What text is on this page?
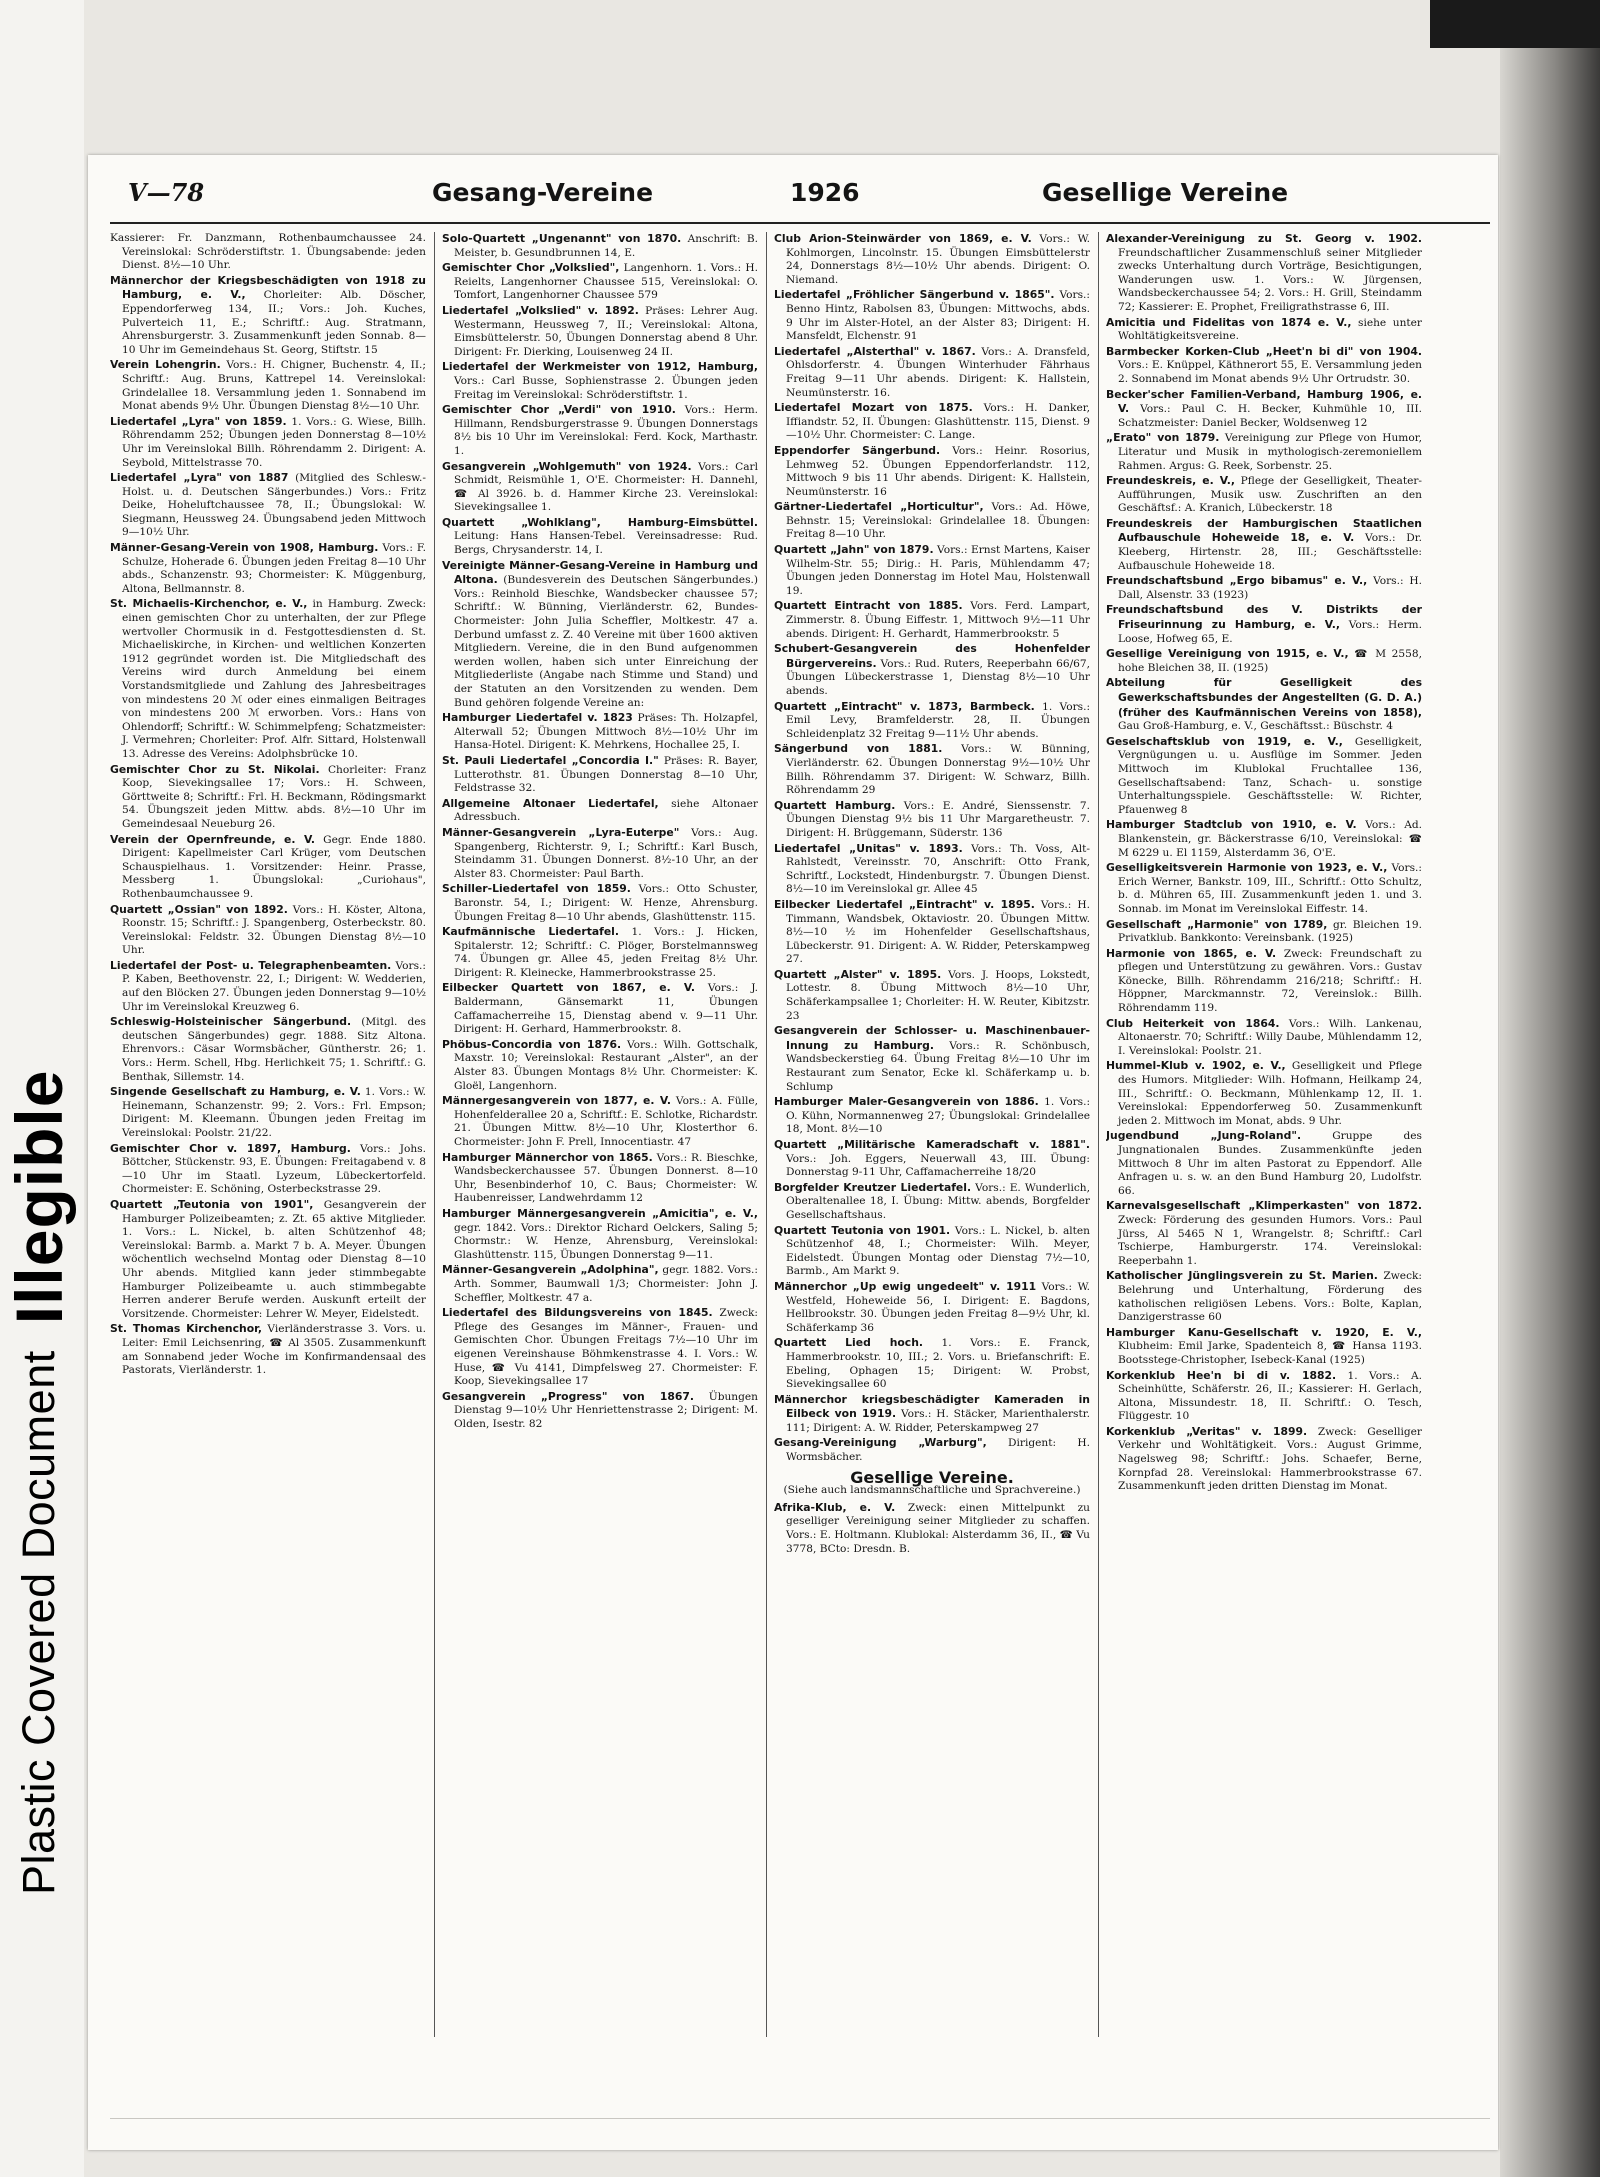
Plastic Covered Document
Illegible
V—78	Gesang-Vereine	1926	Gesellige Vereine

Kassierer: Fr. Danzmann, Rothenbaumchaussee 24. Vereinslokal: Schröderstiftstr. 1. Übungsabende: jeden Dienst. 8½—10 Uhr.

Männerchor der Kriegsbeschädigten von 1918 zu Hamburg, e. V., Chorleiter: Alb. Döscher, Eppendorferweg 134, II.; Vors.: Joh. Kuches, Pulverteich 11, E.; Schriftf.: Aug. Stratmann, Ahrensburgerstr. 3. Zusammenkunft jeden Sonnab. 8—10 Uhr im Gemeindehaus St. Georg, Stiftstr. 15

Verein Lohengrin. Vors.: H. Chigner, Buchenstr. 4, II.; Schriftf.: Aug. Bruns, Kattrepel 14. Vereinslokal: Grindelallee 18. Versammlung jeden 1. Sonnabend im Monat abends 9½ Uhr. Übungen Dienstag 8½—10 Uhr.

Liedertafel „Lyra" von 1859. 1. Vors.: G. Wiese, Billh. Röhrendamm 252; Übungen jeden Donnerstag 8—10½ Uhr im Vereinslokal Billh. Röhrendamm 2. Dirigent: A. Seybold, Mittelstrasse 70.

Liedertafel „Lyra" von 1887 (Mitglied des Schlesw.-Holst. u. d. Deutschen Sängerbundes.) Vors.: Fritz Deike, Hoheluftchaussee 78, II.; Übungslokal: W. Siegmann, Heussweg 24. Übungsabend jeden Mittwoch 9—10½ Uhr.

Männer-Gesang-Verein von 1908, Hamburg. Vors.: F. Schulze, Hoherade 6. Übungen jeden Freitag 8—10 Uhr abds., Schanzenstr. 93; Chormeister: K. Müggenburg, Altona, Bellmannstr. 8.

St. Michaelis-Kirchenchor, e. V., in Hamburg. Zweck: einen gemischten Chor zu unterhalten, der zur Pflege wertvoller Chormusik in d. Festgottesdiensten d. St. Michaeliskirche, in Kirchen- und weltlichen Konzerten 1912 gegründet worden ist. Die Mitgliedschaft des Vereins wird durch Anmeldung bei einem Vorstandsmitgliede und Zahlung des Jahresbeitrages von mindestens 20 ℳ oder eines einmaligen Beitrages von mindestens 200 ℳ erworben. Vors.: Hans von Ohlendorff; Schriftf.: W. Schimmelpfeng; Schatzmeister: J. Vermehren; Chorleiter: Prof. Alfr. Sittard, Holstenwall 13. Adresse des Vereins: Adolphsbrücke 10.

Gemischter Chor zu St. Nikolai. Chorleiter: Franz Koop, Sievekingsallee 17; Vors.: H. Schween, Görttweite 8; Schriftf.: Frl. H. Beckmann, Rödingsmarkt 54. Übungszeit jeden Mittw. abds. 8½—10 Uhr im Gemeindesaal Neueburg 26.

Verein der Opernfreunde, e. V. Gegr. Ende 1880. Dirigent: Kapellmeister Carl Krüger, vom Deutschen Schauspielhaus. 1. Vorsitzender: Heinr. Prasse, Messberg 1. Übungslokal: „Curiohaus", Rothenbaumchaussee 9.

Quartett „Ossian" von 1892. Vors.: H. Köster, Altona, Roonstr. 15; Schriftf.: J. Spangenberg, Osterbeckstr. 80. Vereinslokal: Feldstr. 32. Übungen Dienstag 8½—10 Uhr.

Liedertafel der Post- u. Telegraphenbeamten. Vors.: P. Kaben, Beethovenstr. 22, I.; Dirigent: W. Wedderien, auf den Blöcken 27. Übungen jeden Donnerstag 9—10½ Uhr im Vereinslokal Kreuzweg 6.

Schleswig-Holsteinischer Sängerbund. (Mitgl. des deutschen Sängerbundes) gegr. 1888. Sitz Altona. Ehrenvors.: Cäsar Wormsbächer, Güntherstr. 26; 1. Vors.: Herm. Schell, Hbg. Herlichkeit 75; 1. Schriftf.: G. Benthak, Sillemstr. 14.

Singende Gesellschaft zu Hamburg, e. V. 1. Vors.: W. Heinemann, Schanzenstr. 99; 2. Vors.: Frl. Empson; Dirigent: M. Kleemann. Übungen jeden Freitag im Vereinslokal: Poolstr. 21/22.

Gemischter Chor v. 1897, Hamburg. Vors.: Johs. Böttcher, Stückenstr. 93, E. Übungen: Freitagabend v. 8—10 Uhr im Staatl. Lyzeum, Lübeckertorfeld. Chormeister: E. Schöning, Osterbeckstrasse 29.

Quartett „Teutonia von 1901", Gesangverein der Hamburger Polizeibeamten; z. Zt. 65 aktive Mitglieder. 1. Vors.: L. Nickel, b. alten Schützenhof 48; Vereinslokal: Barmb. a. Markt 7 b. A. Meyer. Übungen wöchentlich wechselnd Montag oder Dienstag 8—10 Uhr abends. Mitglied kann jeder stimmbegabte Hamburger Polizeibeamte u. auch stimmbegabte Herren anderer Berufe werden. Auskunft erteilt der Vorsitzende. Chormeister: Lehrer W. Meyer, Eidelstedt.

St. Thomas Kirchenchor, Vierländerstrasse 3. Vors. u. Leiter: Emil Leichsenring, ☎ Al 3505. Zusammenkunft am Sonnabend jeder Woche im Konfirmandensaal des Pastorats, Vierländerstr. 1.

Solo-Quartett „Ungenannt" von 1870. Anschrift: B. Meister, b. Gesundbrunnen 14, E.

Gemischter Chor „Volkslied", Langenhorn. 1. Vors.: H. Reielts, Langenhorner Chaussee 515, Vereinslokal: O. Tomfort, Langenhorner Chaussee 579

Liedertafel „Volkslied" v. 1892. Präses: Lehrer Aug. Westermann, Heussweg 7, II.; Vereinslokal: Altona, Eimsbüttelerstr. 50, Übungen Donnerstag abend 8 Uhr. Dirigent: Fr. Dierking, Louisenweg 24 II.

Liedertafel der Werkmeister von 1912, Hamburg, Vors.: Carl Busse, Sophienstrasse 2. Übungen jeden Freitag im Vereinslokal: Schröderstiftstr. 1.

Gemischter Chor „Verdi" von 1910. Vors.: Herm. Hillmann, Rendsburgerstrasse 9. Übungen Donnerstags 8½ bis 10 Uhr im Vereinslokal: Ferd. Kock, Marthastr. 1.

Gesangverein „Wohlgemuth" von 1924. Vors.: Carl Schmidt, Reismühle 1, O'E. Chormeister: H. Dannehl, ☎ Al 3926. b. d. Hammer Kirche 23. Vereinslokal: Sievekingsallee 1.

Quartett „Wohlklang", Hamburg-Eimsbüttel. Leitung: Hans Hansen-Tebel. Vereinsadresse: Rud. Bergs, Chrysanderstr. 14, I.

Vereinigte Männer-Gesang-Vereine in Hamburg und Altona. (Bundesverein des Deutschen Sängerbundes.) Vors.: Reinhold Bieschke, Wandsbecker chaussee 57; Schriftf.: W. Bünning, Vierländerstr. 62, Bundes-Chormeister: John Julia Scheffler, Moltkestr. 47 a. Derbund umfasst z. Z. 40 Vereine mit über 1600 aktiven Mitgliedern. Vereine, die in den Bund aufgenommen werden wollen, haben sich unter Einreichung der Mitgliederliste (Angabe nach Stimme und Stand) und der Statuten an den Vorsitzenden zu wenden. Dem Bund gehören folgende Vereine an:

Hamburger Liedertafel v. 1823 Präses: Th. Holzapfel, Alterwall 52; Übungen Mittwoch 8½—10½ Uhr im Hansa-Hotel. Dirigent: K. Mehrkens, Hochallee 25, I.

St. Pauli Liedertafel „Concordia I." Präses: R. Bayer, Lutterothstr. 81. Übungen Donnerstag 8—10 Uhr, Feldstrasse 32.

Allgemeine Altonaer Liedertafel, siehe Altonaer Adressbuch.

Männer-Gesangverein „Lyra-Euterpe" Vors.: Aug. Spangenberg, Richterstr. 9, I.; Schriftf.: Karl Busch, Steindamm 31. Übungen Donnerst. 8½-10 Uhr, an der Alster 83. Chormeister: Paul Barth.

Schiller-Liedertafel von 1859. Vors.: Otto Schuster, Baronstr. 54, I.; Dirigent: W. Henze, Ahrensburg. Übungen Freitag 8—10 Uhr abends, Glashüttenstr. 115.

Kaufmännische Liedertafel. 1. Vors.: J. Hicken, Spitalerstr. 12; Schriftf.: C. Plöger, Borstelmannsweg 74. Übungen gr. Allee 45, jeden Freitag 8½ Uhr. Dirigent: R. Kleinecke, Hammerbrookstrasse 25.

Eilbecker Quartett von 1867, e. V. Vors.: J. Baldermann, Gänsemarkt 11, Übungen Caffamacherreihe 15, Dienstag abend v. 9—11 Uhr. Dirigent: H. Gerhard, Hammerbrookstr. 8.

Phöbus-Concordia von 1876. Vors.: Wilh. Gottschalk, Maxstr. 10; Vereinslokal: Restaurant „Alster", an der Alster 83. Übungen Montags 8½ Uhr. Chormeister: K. Gloël, Langenhorn.

Männergesangverein von 1877, e. V. Vors.: A. Fülle, Hohenfelderallee 20 a, Schriftf.: E. Schlotke, Richardstr. 21. Übungen Mittw. 8½—10 Uhr, Klosterthor 6. Chormeister: John F. Prell, Innocentiastr. 47

Hamburger Männerchor von 1865. Vors.: R. Bieschke, Wandsbeckerchaussee 57. Übungen Donnerst. 8—10 Uhr, Besenbinderhof 10, C. Baus; Chormeister: W. Haubenreisser, Landwehrdamm 12

Hamburger Männergesangverein „Amicitia", e. V., gegr. 1842. Vors.: Direktor Richard Oelckers, Saling 5; Chormstr.: W. Henze, Ahrensburg, Vereinslokal: Glashüttenstr. 115, Übungen Donnerstag 9—11.

Männer-Gesangverein „Adolphina", gegr. 1882. Vors.: Arth. Sommer, Baumwall 1/3; Chormeister: John J. Scheffler, Moltkestr. 47 a.

Liedertafel des Bildungsvereins von 1845. Zweck: Pflege des Gesanges im Männer-, Frauen- und Gemischten Chor. Übungen Freitags 7½—10 Uhr im eigenen Vereinshause Böhmkenstrasse 4. I. Vors.: W. Huse, ☎ Vu 4141, Dimpfelsweg 27. Chormeister: F. Koop, Sievekingsallee 17

Gesangverein „Progress" von 1867. Übungen Dienstag 9—10½ Uhr Henriettenstrasse 2; Dirigent: M. Olden, Isestr. 82

Club Arion-Steinwärder von 1869, e. V. Vors.: W. Kohlmorgen, Lincolnstr. 15. Übungen Eimsbüttelerstr 24, Donnerstags 8½—10½ Uhr abends. Dirigent: O. Niemand.

Liedertafel „Fröhlicher Sängerbund v. 1865". Vors.: Benno Hintz, Rabolsen 83, Übungen: Mittwochs, abds. 9 Uhr im Alster-Hotel, an der Alster 83; Dirigent: H. Mansfeldt, Elchenstr. 91

Liedertafel „Alsterthal" v. 1867. Vors.: A. Dransfeld, Ohlsdorferstr. 4. Übungen Winterhuder Fährhaus Freitag 9—11 Uhr abends. Dirigent: K. Hallstein, Neumünsterstr. 16.

Liedertafel Mozart von 1875. Vors.: H. Danker, Iffiandstr. 52, II. Übungen: Glashüttenstr. 115, Dienst. 9—10½ Uhr. Chormeister: C. Lange.

Eppendorfer Sängerbund. Vors.: Heinr. Rosorius, Lehmweg 52. Übungen Eppendorferlandstr. 112, Mittwoch 9 bis 11 Uhr abends. Dirigent: K. Hallstein, Neumünsterstr. 16

Gärtner-Liedertafel „Horticultur", Vors.: Ad. Höwe, Behnstr. 15; Vereinslokal: Grindelallee 18. Übungen: Freitag 8—10 Uhr.

Quartett „Jahn" von 1879. Vors.: Ernst Martens, Kaiser Wilhelm-Str. 55; Dirig.: H. Paris, Mühlendamm 47; Übungen jeden Donnerstag im Hotel Mau, Holstenwall 19.

Quartett Eintracht von 1885. Vors. Ferd. Lampart, Zimmerstr. 8. Übung Eiffestr. 1, Mittwoch 9½—11 Uhr abends. Dirigent: H. Gerhardt, Hammerbrookstr. 5

Schubert-Gesangverein des Hohenfelder Bürgervereins. Vors.: Rud. Ruters, Reeperbahn 66/67, Übungen Lübeckerstrasse 1, Dienstag 8½—10 Uhr abends.

Quartett „Eintracht" v. 1873, Barmbeck. 1. Vors.: Emil Levy, Bramfelderstr. 28, II. Übungen Schleidenplatz 32 Freitag 9—11½ Uhr abends.

Sängerbund von 1881. Vors.: W. Bünning, Vierländerstr. 62. Übungen Donnerstag 9½—10½ Uhr Billh. Röhrendamm 37. Dirigent: W. Schwarz, Billh. Röhrendamm 29

Quartett Hamburg. Vors.: E. André, Sienssenstr. 7. Übungen Dienstag 9½ bis 11 Uhr Margaretheustr. 7. Dirigent: H. Brüggemann, Süderstr. 136

Liedertafel „Unitas" v. 1893. Vors.: Th. Voss, Alt-Rahlstedt, Vereinsstr. 70, Anschrift: Otto Frank, Schriftf., Lockstedt, Hindenburgstr. 7. Übungen Dienst. 8½—10 im Vereinslokal gr. Allee 45

Eilbecker Liedertafel „Eintracht" v. 1895. Vors.: H. Timmann, Wandsbek, Oktaviostr. 20. Übungen Mittw. 8½—10 ½ im Hohenfelder Gesellschaftshaus, Lübeckerstr. 91. Dirigent: A. W. Ridder, Peterskampweg 27.

Quartett „Alster" v. 1895. Vors. J. Hoops, Lokstedt, Lottestr. 8. Übung Mittwoch 8½—10 Uhr, Schäferkampsallee 1; Chorleiter: H. W. Reuter, Kibitzstr. 23

Gesangverein der Schlosser- u. Maschinenbauer-Innung zu Hamburg. Vors.: R. Schönbusch, Wandsbeckerstieg 64. Übung Freitag 8½—10 Uhr im Restaurant zum Senator, Ecke kl. Schäferkamp u. b. Schlump

Hamburger Maler-Gesangverein von 1886. 1. Vors.: O. Kühn, Normannenweg 27; Übungslokal: Grindelallee 18, Mont. 8½—10

Quartett „Militärische Kameradschaft v. 1881". Vors.: Joh. Eggers, Neuerwall 43, III. Übung: Donnerstag 9-11 Uhr, Caffamacherreihe 18/20

Borgfelder Kreutzer Liedertafel. Vors.: E. Wunderlich, Oberaltenallee 18, I. Übung: Mittw. abends, Borgfelder Gesellschaftshaus.

Quartett Teutonia von 1901. Vors.: L. Nickel, b. alten Schützenhof 48, I.; Chormeister: Wilh. Meyer, Eidelstedt. Übungen Montag oder Dienstag 7½—10, Barmb., Am Markt 9.

Männerchor „Up ewig ungedeelt" v. 1911 Vors.: W. Westfeld, Hoheweide 56, I. Dirigent: E. Bagdons, Hellbrookstr. 30. Übungen jeden Freitag 8—9½ Uhr, kl. Schäferkamp 36

Quartett Lied hoch. 1. Vors.: E. Franck, Hammerbrookstr. 10, III.; 2. Vors. u. Briefanschrift: E. Ebeling, Ophagen 15; Dirigent: W. Probst, Sievekingsallee 60

Männerchor kriegsbeschädigter Kameraden in Eilbeck von 1919. Vors.: H. Stäcker, Marienthalerstr. 111; Dirigent: A. W. Ridder, Peterskampweg 27

Gesang-Vereinigung „Warburg", Dirigent: H. Wormsbächer.

Gesellige Vereine.

(Siehe auch landsmannschaftliche und Sprachvereine.)

Afrika-Klub, e. V. Zweck: einen Mittelpunkt zu geselliger Vereinigung seiner Mitglieder zu schaffen. Vors.: E. Holtmann. Klublokal: Alsterdamm 36, II., ☎ Vu 3778, BCto: Dresdn. B.

Alexander-Vereinigung zu St. Georg v. 1902. Freundschaftlicher Zusammenschluß seiner Mitglieder zwecks Unterhaltung durch Vorträge, Besichtigungen, Wanderungen usw. 1. Vors.: W. Jürgensen, Wandsbeckerchaussee 54; 2. Vors.: H. Grill, Steindamm 72; Kassierer: E. Prophet, Freiligrathstrasse 6, III.

Amicitia und Fidelitas von 1874 e. V., siehe unter Wohltätigkeitsvereine.

Barmbecker Korken-Club „Heet'n bi di" von 1904. Vors.: E. Knüppel, Käthnerort 55, E. Versammlung jeden 2. Sonnabend im Monat abends 9½ Uhr Ortrudstr. 30.

Becker'scher Familien-Verband, Hamburg 1906, e. V. Vors.: Paul C. H. Becker, Kuhmühle 10, III. Schatzmeister: Daniel Becker, Woldsenweg 12

„Erato" von 1879. Vereinigung zur Pflege von Humor, Literatur und Musik in mythologisch-zeremoniellem Rahmen. Argus: G. Reek, Sorbenstr. 25.

Freundeskreis, e. V., Pflege der Geselligkeit, Theater-Aufführungen, Musik usw. Zuschriften an den Geschäftsf.: A. Kranich, Lübeckerstr. 18

Freundeskreis der Hamburgischen Staatlichen Aufbauschule Hoheweide 18, e. V. Vors.: Dr. Kleeberg, Hirtenstr. 28, III.; Geschäftsstelle: Aufbauschule Hoheweide 18.

Freundschaftsbund „Ergo bibamus" e. V., Vors.: H. Dall, Alsenstr. 33 (1923)

Freundschaftsbund des V. Distrikts der Friseurinnung zu Hamburg, e. V., Vors.: Herm. Loose, Hofweg 65, E.

Gesellige Vereinigung von 1915, e. V., ☎ M 2558, hohe Bleichen 38, II. (1925)

Abteilung für Geselligkeit des Gewerkschaftsbundes der Angestellten (G. D. A.) (früher des Kaufmännischen Vereins von 1858), Gau Groß-Hamburg, e. V., Geschäftsst.: Büschstr. 4

Geselschaftsklub von 1919, e. V., Geselligkeit, Vergnügungen u. u. Ausflüge im Sommer. Jeden Mittwoch im Klublokal Fruchtallee 136, Gesellschaftsabend: Tanz, Schach- u. sonstige Unterhaltungsspiele. Geschäftsstelle: W. Richter, Pfauenweg 8

Hamburger Stadtclub von 1910, e. V. Vors.: Ad. Blankenstein, gr. Bäckerstrasse 6/10, Vereinslokal: ☎ M 6229 u. El 1159, Alsterdamm 36, O'E.

Geselligkeitsverein Harmonie von 1923, e. V., Vors.: Erich Werner, Bankstr. 109, III., Schriftf.: Otto Schultz, b. d. Mühren 65, III. Zusammenkunft jeden 1. und 3. Sonnab. im Monat im Vereinslokal Eiffestr. 14.

Gesellschaft „Harmonie" von 1789, gr. Bleichen 19. Privatklub. Bankkonto: Vereinsbank. (1925)

Harmonie von 1865, e. V. Zweck: Freundschaft zu pflegen und Unterstützung zu gewähren. Vors.: Gustav Könecke, Billh. Röhrendamm 216/218; Schriftf.: H. Höppner, Marckmannstr. 72, Vereinslok.: Billh. Röhrendamm 119.

Club Heiterkeit von 1864. Vors.: Wilh. Lankenau, Altonaerstr. 70; Schriftf.: Willy Daube, Mühlendamm 12, I. Vereinslokal: Poolstr. 21.

Hummel-Klub v. 1902, e. V., Geselligkeit und Pflege des Humors. Mitglieder: Wilh. Hofmann, Heilkamp 24, III., Schriftf.: O. Beckmann, Mühlenkamp 12, II. 1. Vereinslokal: Eppendorferweg 50. Zusammenkunft jeden 2. Mittwoch im Monat, abds. 9 Uhr.

Jugendbund „Jung-Roland".	Gruppe des Jungnationalen Bundes. Zusammenkünfte jeden Mittwoch 8 Uhr im alten Pastorat zu Eppendorf. Alle Anfragen u. s. w. an den Bund Hamburg 20, Ludolfstr. 66.

Karnevalsgesellschaft „Klimperkasten" von 1872. Zweck: Förderung des gesunden Humors. Vors.: Paul Jürss, Al 5465 N 1, Wrangelstr. 8; Schriftf.: Carl Tschierpe, Hamburgerstr. 174. Vereinslokal: Reeperbahn 1.

Katholischer Jünglingsverein zu St. Marien. Zweck: Belehrung und Unterhaltung, Förderung des katholischen religiösen Lebens. Vors.: Bolte, Kaplan, Danzigerstrasse 60

Hamburger Kanu-Gesellschaft v. 1920, E. V., Klubheim: Emil Jarke, Spadenteich 8, ☎ Hansa 1193. Bootsstege-Christopher, Isebeck-Kanal (1925)

Korkenklub Hee'n bi di v. 1882. 1. Vors.: A. Scheinhütte, Schäferstr. 26, II.; Kassierer: H. Gerlach, Altona, Missundestr. 18, II. Schriftf.: O. Tesch, Flüggestr. 10

Korkenklub „Veritas" v. 1899. Zweck: Geselliger Verkehr und Wohltätigkeit. Vors.: August Grimme, Nagelsweg 98; Schriftf.: Johs. Schaefer, Berne, Kornpfad 28. Vereinslokal: Hammerbrookstrasse 67. Zusammenkunft jeden dritten Dienstag im Monat.
